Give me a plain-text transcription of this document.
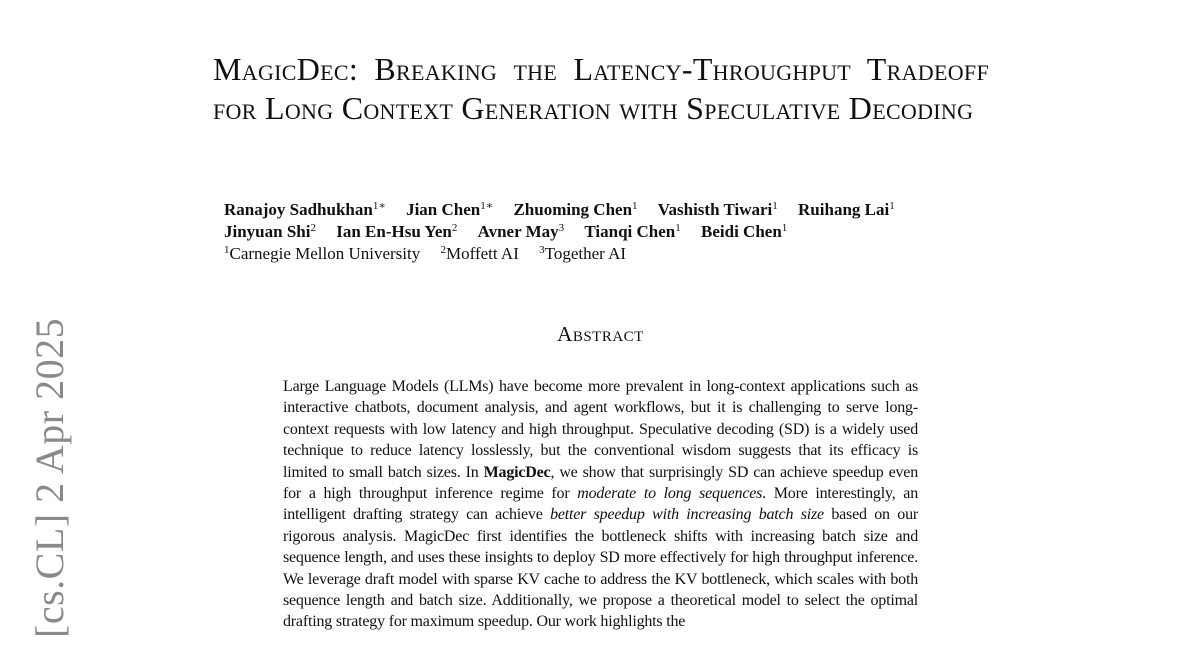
[cs.CL] 2 Apr 2025
MagicDec: Breaking the Latency-Throughput Tradeoff for Long Context Generation with Speculative Decoding
Ranajoy Sadhukhan$^{1∗}$ Jian Chen$^{1∗}$ Zhuoming Chen$^1$ Vashisth Tiwari$^1$ Ruihang Lai$^1$
Jinyuan Shi$^2$ Ian En-Hsu Yen$^2$ Avner May$^3$ Tianqi Chen$^1$ Beidi Chen$^1$
$^1$Carnegie Mellon University $^2$Moffett AI $^3$Together AI
Abstract

Large Language Models (LLMs) have become more prevalent in long-context applications such as interactive chatbots, document analysis, and agent workflows, but it is challenging to serve long-context requests with low latency and high throughput. Speculative decoding (SD) is a widely used technique to reduce latency losslessly, but the conventional wisdom suggests that its efficacy is limited to small batch sizes. In MagicDec, we show that surprisingly SD can achieve speedup even for a high throughput inference regime for moderate to long sequences. More interestingly, an intelligent drafting strategy can achieve better speedup with increasing batch size based on our rigorous analysis. MagicDec first identifies the bottleneck shifts with increasing batch size and sequence length, and uses these insights to deploy SD more effectively for high throughput inference. We leverage draft model with sparse KV cache to address the KV bottleneck, which scales with both sequence length and batch size. Additionally, we propose a theoretical model to select the optimal drafting strategy for maximum speedup. Our work highlights the
